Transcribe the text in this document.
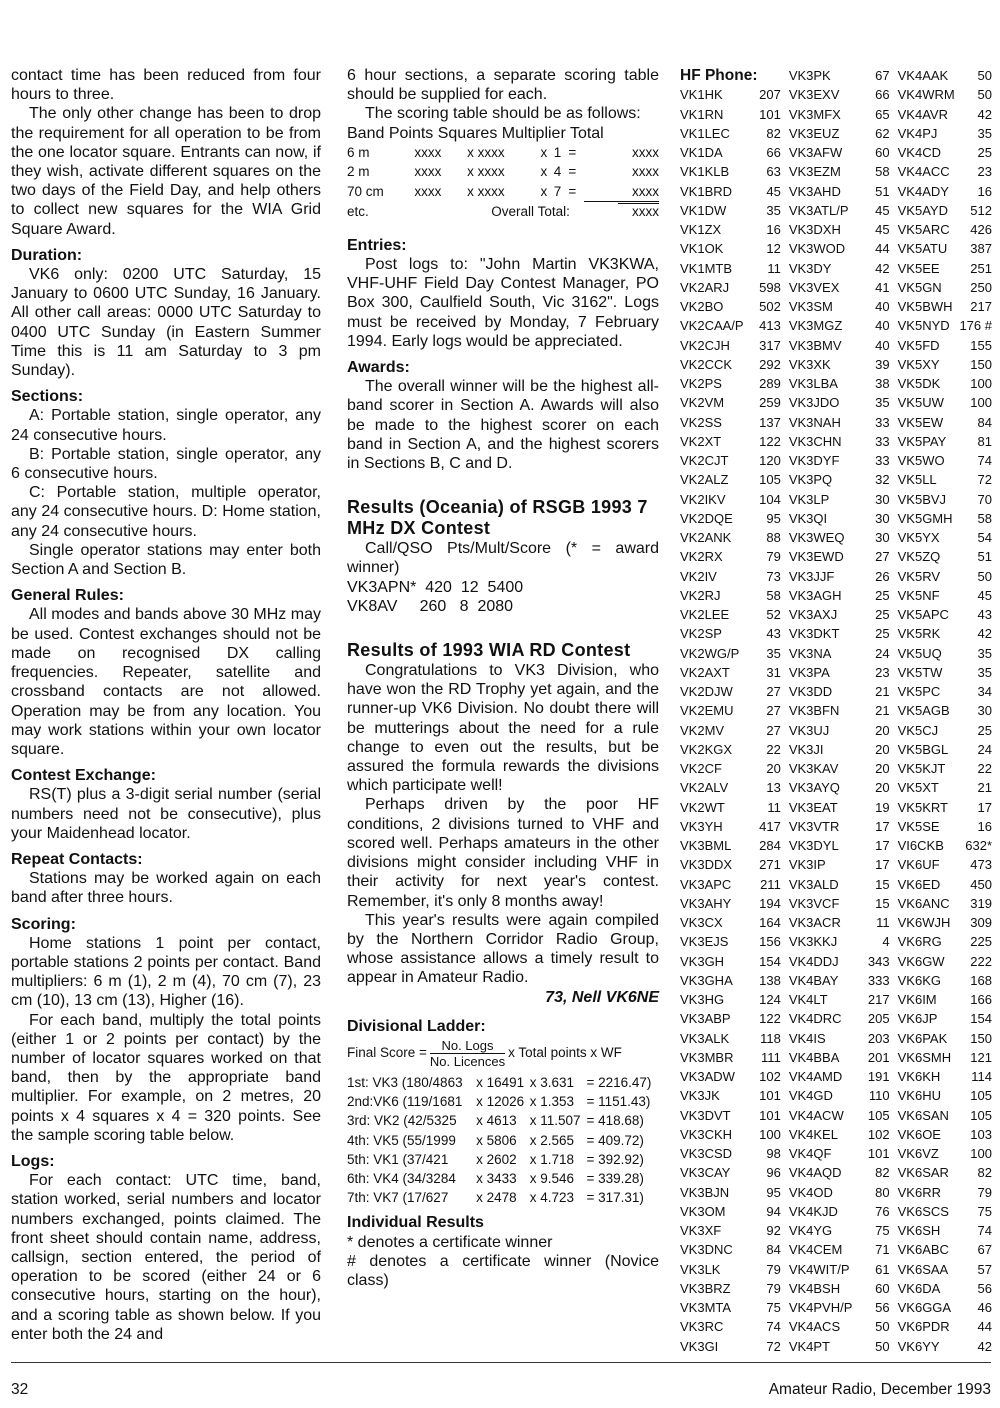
contact time has been reduced from four hours to three.

The only other change has been to drop the requirement for all operation to be from the one locator square. Entrants can now, if they wish, activate different squares on the two days of the Field Day, and help others to collect new squares for the WIA Grid Square Award.

Duration:

VK6 only: 0200 UTC Saturday, 15 January to 0600 UTC Sunday, 16 January. All other call areas: 0000 UTC Saturday to 0400 UTC Sunday (in Eastern Summer Time this is 11 am Saturday to 3 pm Sunday).

Sections:

A: Portable station, single operator, any 24 consecutive hours.

B: Portable station, single operator, any 6 consecutive hours.

C: Portable station, multiple operator, any 24 consecutive hours. D: Home station, any 24 consecutive hours.

Single operator stations may enter both Section A and Section B.

General Rules:

All modes and bands above 30 MHz may be used. Contest exchanges should not be made on recognised DX calling frequencies. Repeater, satellite and crossband contacts are not allowed. Operation may be from any location. You may work stations within your own locator square.

Contest Exchange:

RS(T) plus a 3-digit serial number (serial numbers need not be consecutive), plus your Maidenhead locator.

Repeat Contacts:

Stations may be worked again on each band after three hours.

Scoring:

Home stations 1 point per contact, portable stations 2 points per contact. Band multipliers: 6 m (1), 2 m (4), 70 cm (7), 23 cm (10), 13 cm (13), Higher (16).

For each band, multiply the total points (either 1 or 2 points per contact) by the number of locator squares worked on that band, then by the appropriate band multiplier. For example, on 2 metres, 20 points x 4 squares x 4 = 320 points. See the sample scoring table below.

Logs:

For each contact: UTC time, band, station worked, serial numbers and locator numbers exchanged, points claimed. The front sheet should contain name, address, callsign, section entered, the period of operation to be scored (either 24 or 6 consecutive hours, starting on the hour), and a scoring table as shown below. If you enter both the 24 and

6 hour sections, a separate scoring table should be supplied for each.

The scoring table should be as follows:

Band Points Squares Multiplier Total
6 m	xxxx	x xxxx	x	1	=	xxxx
2 m	xxxx	x xxxx	x	4	=	xxxx
70 cm	xxxx	x xxxx	x	7	=	xxxx
etc.	Overall Total:					xxxx
Entries:

Post logs to: "John Martin VK3KWA, VHF-UHF Field Day Contest Manager, PO Box 300, Caulfield South, Vic 3162". Logs must be received by Monday, 7 February 1994. Early logs would be appreciated.

Awards:

The overall winner will be the highest all-band scorer in Section A. Awards will also be made to the highest scorer on each band in Section A, and the highest scorers in Sections B, C and D.

Results (Oceania) of RSGB 1993 7 MHz DX Contest

Call/QSO Pts/Mult/Score (* = award winner)

VK3APN*  420  12  5400
VK8AV     260   8  2080
Results of 1993 WIA RD Contest

Congratulations to VK3 Division, who have won the RD Trophy yet again, and the runner-up VK6 Division. No doubt there will be mutterings about the need for a rule change to even out the results, but be assured the formula rewards the divisions which participate well!

Perhaps driven by the poor HF conditions, 2 divisions turned to VHF and scored well. Perhaps amateurs in the other divisions might consider including VHF in their activity for next year's contest. Remember, it's only 8 months away!

This year's results were again compiled by the Northern Corridor Radio Group, whose assistance allows a timely result to appear in Amateur Radio.

73, Nell VK6NE
Divisional Ladder:
Final Score = $\frac{\text{No. Logs}}{\text{No. Licences}}$ x Total points x WF
1st: VK3 (180/4863	x 16491	x 3.631	= 2216.47)
2nd:VK6 (119/1681	x 12026	x 1.353	= 1151.43)
3rd: VK2 (42/5325	x 4613	x 11.507	= 418.68)
4th: VK5 (55/1999	x 5806	x 2.565	= 409.72)
5th: VK1 (37/421	x 2602	x 1.718	= 392.92)
6th: VK4 (34/3284	x 3433	x 9.546	= 339.28)
7th: VK7 (17/627	x 2478	x 4.723	= 317.31)
Individual Results

* denotes a certificate winner

# denotes a certificate winner (Novice class)

HF Phone:		VK3PK	67	VK4AAK	50
VK1HK	207	VK3EXV	66	VK4WRM	50
VK1RN	101	VK3MFX	65	VK4AVR	42
VK1LEC	82	VK3EUZ	62	VK4PJ	35
VK1DA	66	VK3AFW	60	VK4CD	25
VK1KLB	63	VK3EZM	58	VK4ACC	23
VK1BRD	45	VK3AHD	51	VK4ADY	16
VK1DW	35	VK3ATL/P	45	VK5AYD	512
VK1ZX	16	VK3DXH	45	VK5ARC	426
VK1OK	12	VK3WOD	44	VK5ATU	387
VK1MTB	11	VK3DY	42	VK5EE	251
VK2ARJ	598	VK3VEX	41	VK5GN	250
VK2BO	502	VK3SM	40	VK5BWH	217
VK2CAA/P	413	VK3MGZ	40	VK5NYD	176 #
VK2CJH	317	VK3BMV	40	VK5FD	155
VK2CCK	292	VK3XK	39	VK5XY	150
VK2PS	289	VK3LBA	38	VK5DK	100
VK2VM	259	VK3JDO	35	VK5UW	100
VK2SS	137	VK3NAH	33	VK5EW	84
VK2XT	122	VK3CHN	33	VK5PAY	81
VK2CJT	120	VK3DYF	33	VK5WO	74
VK2ALZ	105	VK3PQ	32	VK5LL	72
VK2IKV	104	VK3LP	30	VK5BVJ	70
VK2DQE	95	VK3QI	30	VK5GMH	58
VK2ANK	88	VK3WEQ	30	VK5YX	54
VK2RX	79	VK3EWD	27	VK5ZQ	51
VK2IV	73	VK3JJF	26	VK5RV	50
VK2RJ	58	VK3AGH	25	VK5NF	45
VK2LEE	52	VK3AXJ	25	VK5APC	43
VK2SP	43	VK3DKT	25	VK5RK	42
VK2WG/P	35	VK3NA	24	VK5UQ	35
VK2AXT	31	VK3PA	23	VK5TW	35
VK2DJW	27	VK3DD	21	VK5PC	34
VK2EMU	27	VK3BFN	21	VK5AGB	30
VK2MV	27	VK3UJ	20	VK5CJ	25
VK2KGX	22	VK3JI	20	VK5BGL	24
VK2CF	20	VK3KAV	20	VK5KJT	22
VK2ALV	13	VK3AYQ	20	VK5XT	21
VK2WT	11	VK3EAT	19	VK5KRT	17
VK3YH	417	VK3VTR	17	VK5SE	16
VK3BML	284	VK3DYL	17	VI6CKB	632*
VK3DDX	271	VK3IP	17	VK6UF	473
VK3APC	211	VK3ALD	15	VK6ED	450
VK3AHY	194	VK3VCF	15	VK6ANC	319
VK3CX	164	VK3ACR	11	VK6WJH	309
VK3EJS	156	VK3KKJ	4	VK6RG	225
VK3GH	154	VK4DDJ	343	VK6GW	222
VK3GHA	138	VK4BAY	333	VK6KG	168
VK3HG	124	VK4LT	217	VK6IM	166
VK3ABP	122	VK4DRC	205	VK6JP	154
VK3ALK	118	VK4IS	203	VK6PAK	150
VK3MBR	111	VK4BBA	201	VK6SMH	121
VK3ADW	102	VK4AMD	191	VK6KH	114
VK3JK	101	VK4GD	110	VK6HU	105
VK3DVT	101	VK4ACW	105	VK6SAN	105
VK3CKH	100	VK4KEL	102	VK6OE	103
VK3CSD	98	VK4QF	101	VK6VZ	100
VK3CAY	96	VK4AQD	82	VK6SAR	82
VK3BJN	95	VK4OD	80	VK6RR	79
VK3OM	94	VK4KJD	76	VK6SCS	75
VK3XF	92	VK4YG	75	VK6SH	74
VK3DNC	84	VK4CEM	71	VK6ABC	67
VK3LK	79	VK4WIT/P	61	VK6SAA	57
VK3BRZ	79	VK4BSH	60	VK6DA	56
VK3MTA	75	VK4PVH/P	56	VK6GGA	46
VK3RC	74	VK4ACS	50	VK6PDR	44
VK3GI	72	VK4PT	50	VK6YY	42
32	Amateur Radio, December 1993
